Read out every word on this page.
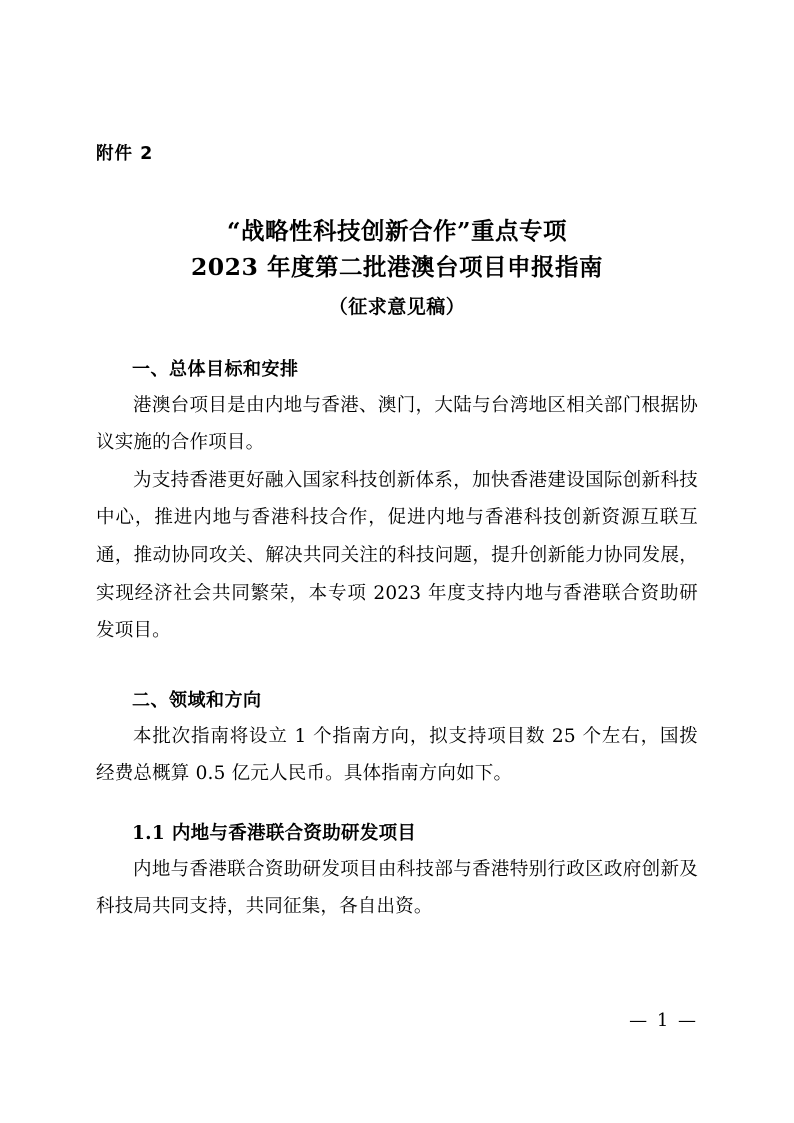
附件 2
“战略性科技创新合作”重点专项
2023 年度第二批港澳台项目申报指南
（征求意见稿）
一、总体目标和安排

港澳台项目是由内地与香港、澳门，大陆与台湾地区相关部门根据协议实施的合作项目。

为支持香港更好融入国家科技创新体系，加快香港建设国际创新科技中心，推进内地与香港科技合作，促进内地与香港科技创新资源互联互通，推动协同攻关、解决共同关注的科技问题，提升创新能力协同发展，实现经济社会共同繁荣，本专项 2023 年度支持内地与香港联合资助研发项目。

二、领域和方向

本批次指南将设立 1 个指南方向，拟支持项目数 25 个左右，国拨经费总概算 0.5 亿元人民币。具体指南方向如下。

1.1 内地与香港联合资助研发项目

内地与香港联合资助研发项目由科技部与香港特别行政区政府创新及科技局共同支持，共同征集，各自出资。

— 1 —
